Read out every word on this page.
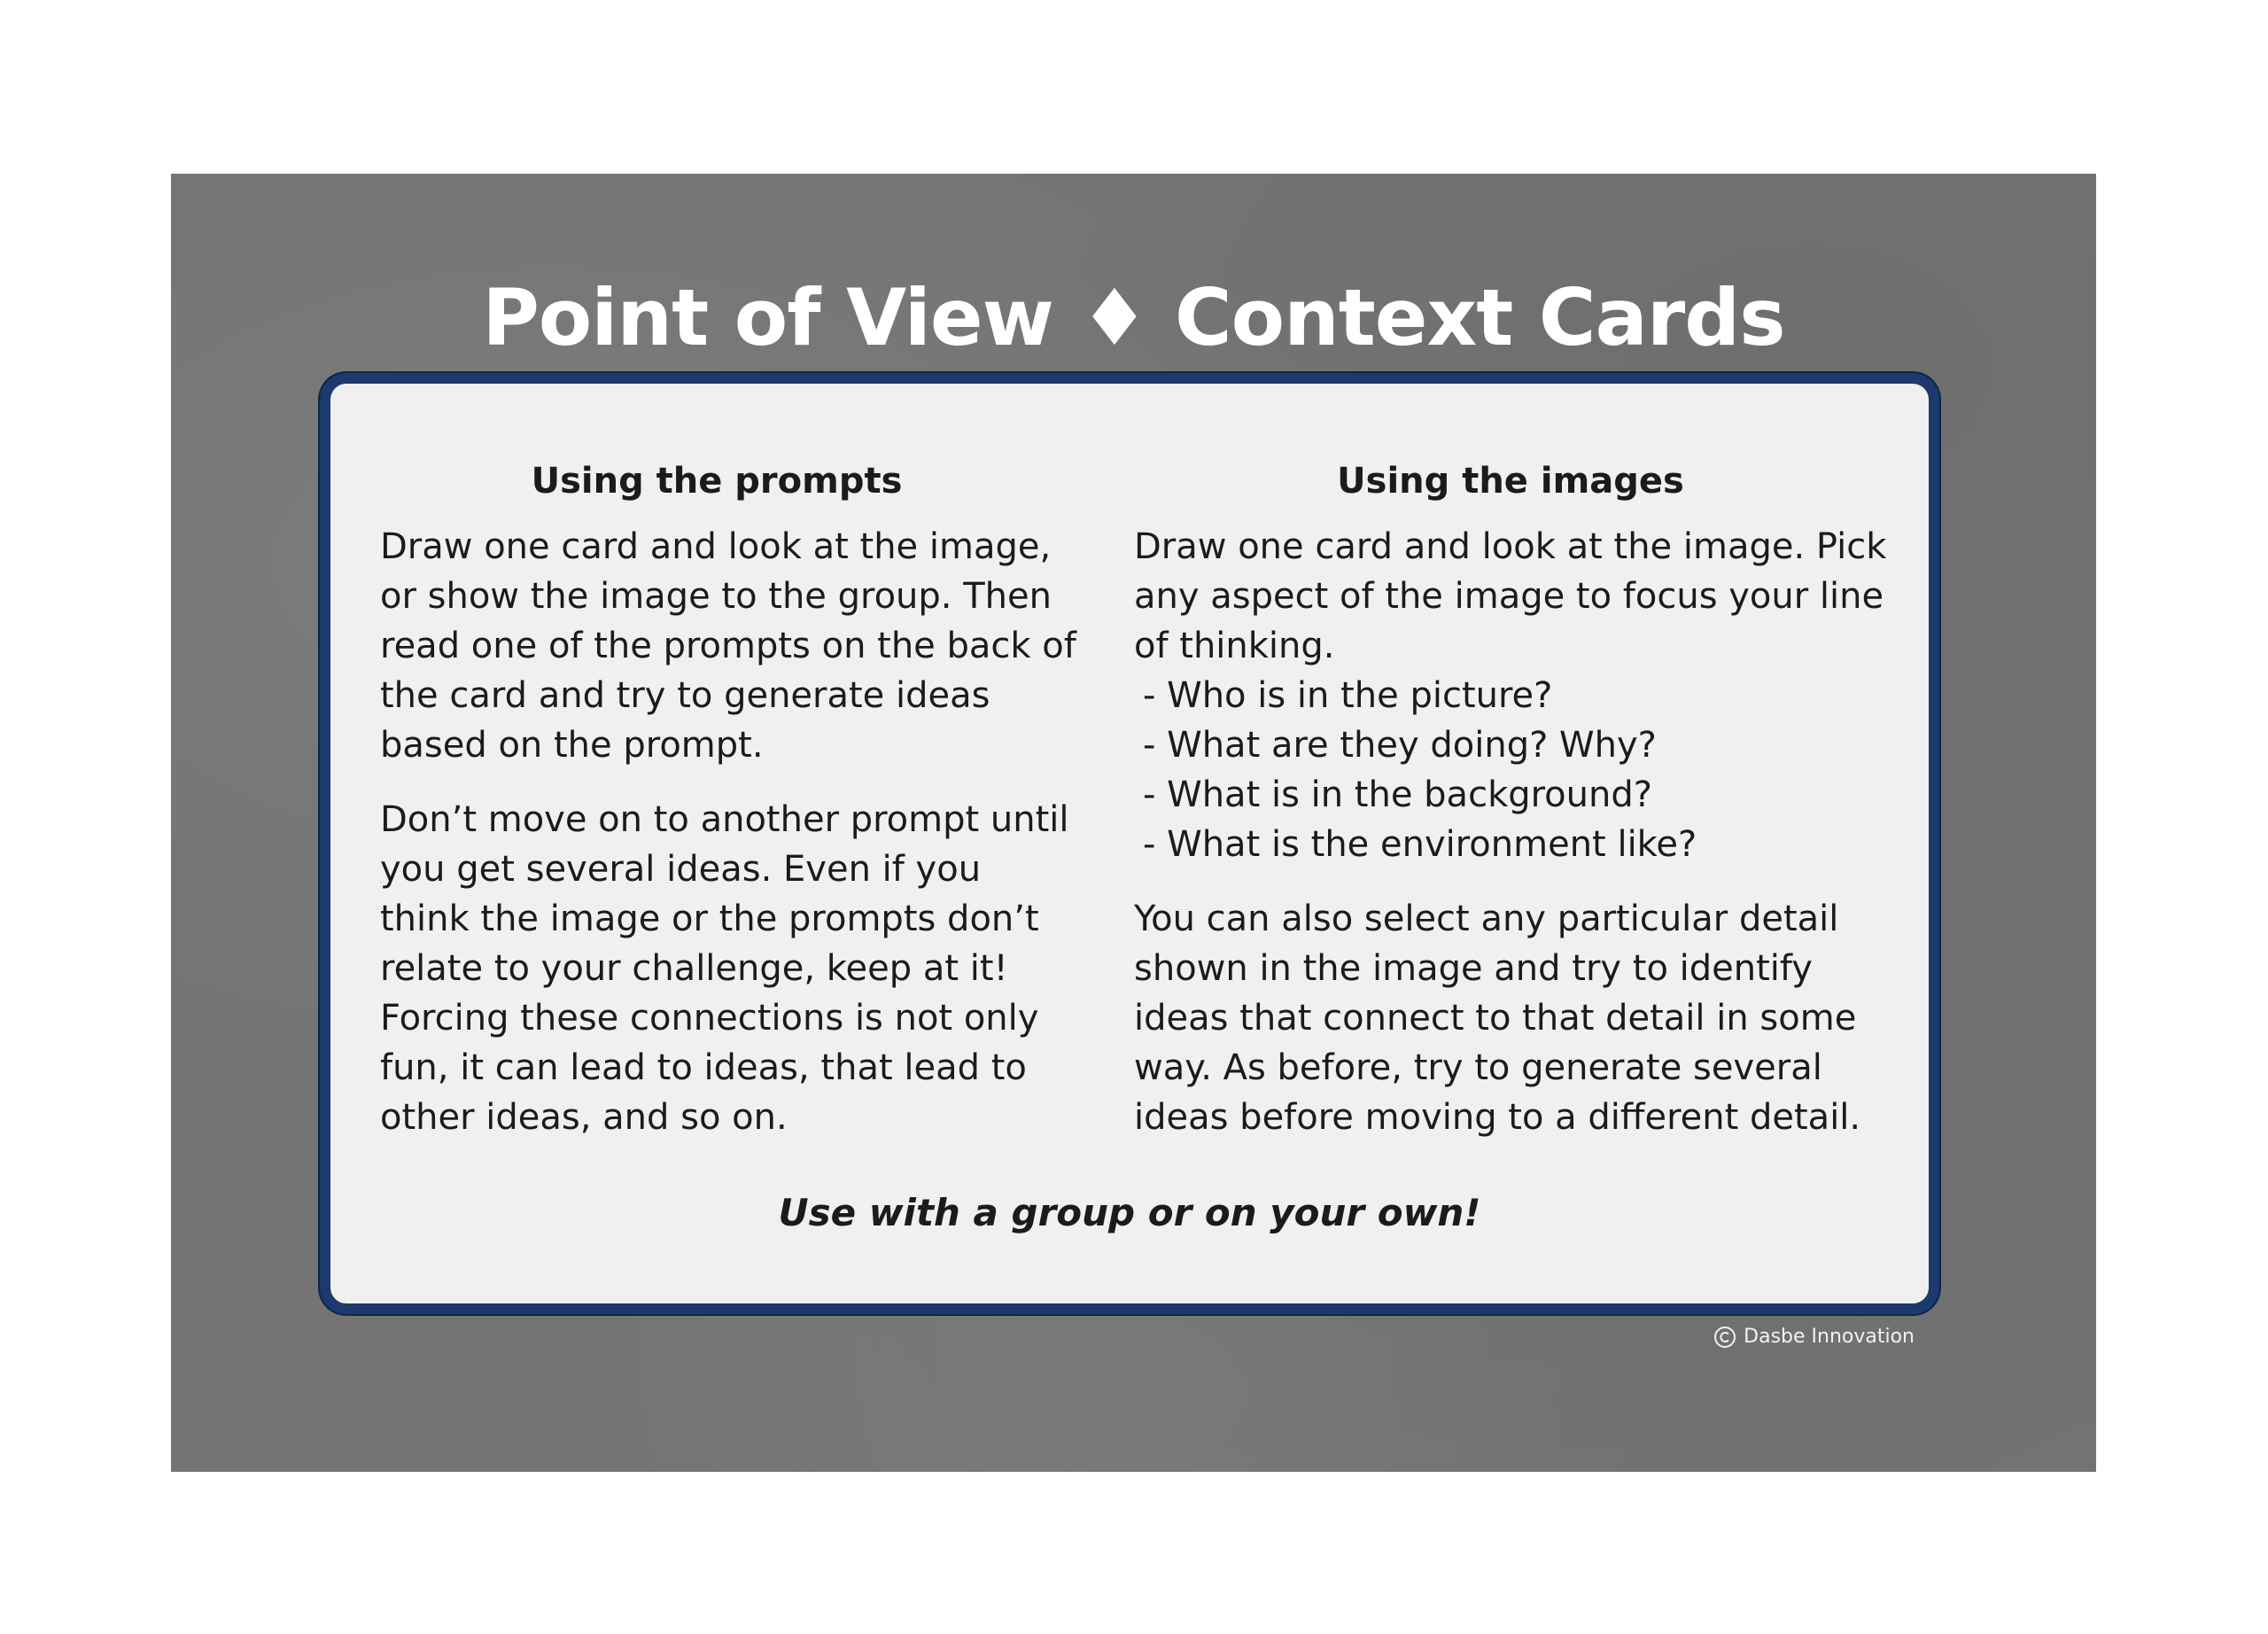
Point of View ♦ Context Cards
Using the prompts

Draw one card and look at the image, or show the image to the group. Then read one of the prompts on the back of the card and try to generate ideas based on the prompt.

Don’t move on to another prompt until you get several ideas. Even if you think the image or the prompts don’t relate to your challenge, keep at it! Forcing these connections is not only fun, it can lead to ideas, that lead to other ideas, and so on.

Using the images

Draw one card and look at the image. Pick any aspect of the image to focus your line of thinking.

- Who is in the picture?
- What are they doing? Why?
- What is in the background?
- What is the environment like?

You can also select any particular detail shown in the image and try to identify ideas that connect to that detail in some way. As before, try to generate several ideas before moving to a different detail.

Use with a group or on your own!
Dasbe Innovation
